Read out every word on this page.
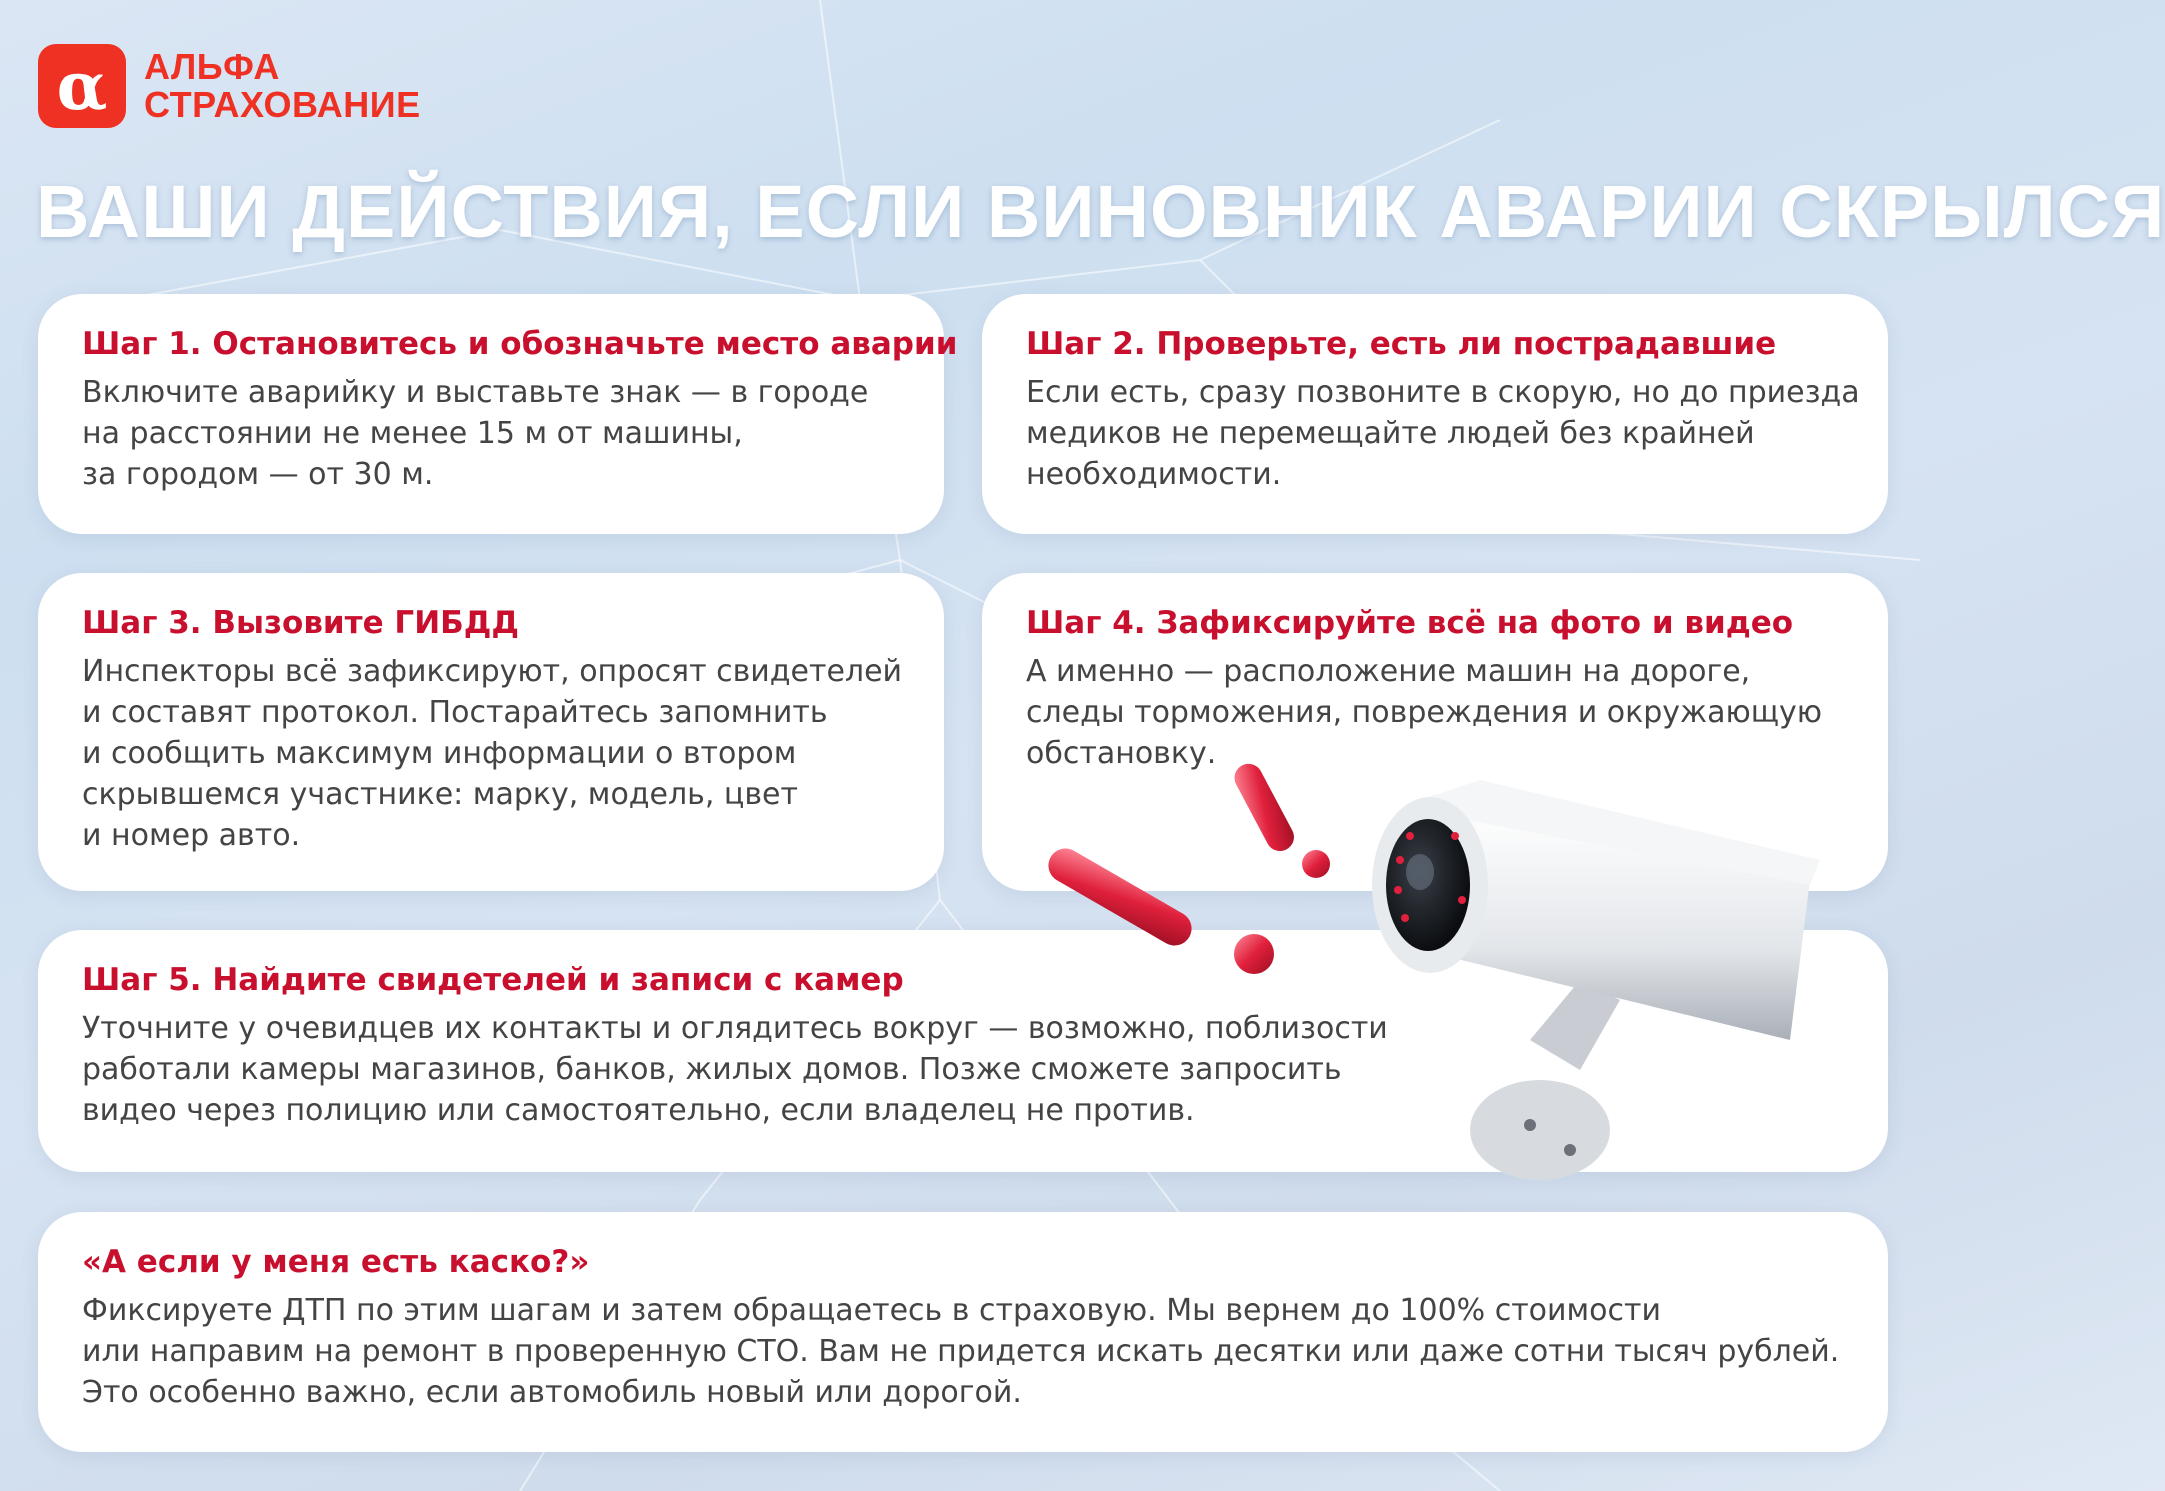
α	АЛЬФА
СТРАХОВАНИЕ
ВАШИ ДЕЙСТВИЯ, ЕСЛИ ВИНОВНИК АВАРИИ СКРЫЛСЯ
Шаг 1. Остановитесь и обозначьте место аварии
Включите аварийку и выставьте знак — в городе
на расстоянии не менее 15 м от машины,
за городом — от 30 м.
Шаг 2. Проверьте, есть ли пострадавшие
Если есть, сразу позвоните в скорую, но до приезда
медиков не перемещайте людей без крайней
необходимости.
Шаг 3. Вызовите ГИБДД
Инспекторы всё зафиксируют, опросят свидетелей
и составят протокол. Постарайтесь запомнить
и сообщить максимум информации о втором
скрывшемся участнике: марку, модель, цвет
и номер авто.
Шаг 4. Зафиксируйте всё на фото и видео
А именно — расположение машин на дороге,
следы торможения, повреждения и окружающую
обстановку.
Шаг 5. Найдите свидетелей и записи с камер
Уточните у очевидцев их контакты и оглядитесь вокруг — возможно, поблизости
работали камеры магазинов, банков, жилых домов. Позже сможете запросить
видео через полицию или самостоятельно, если владелец не против.
«А если у меня есть каско?»
Фиксируете ДТП по этим шагам и затем обращаетесь в страховую. Мы вернем до 100% стоимости
или направим на ремонт в проверенную СТО. Вам не придется искать десятки или даже сотни тысяч рублей.
Это особенно важно, если автомобиль новый или дорогой.
